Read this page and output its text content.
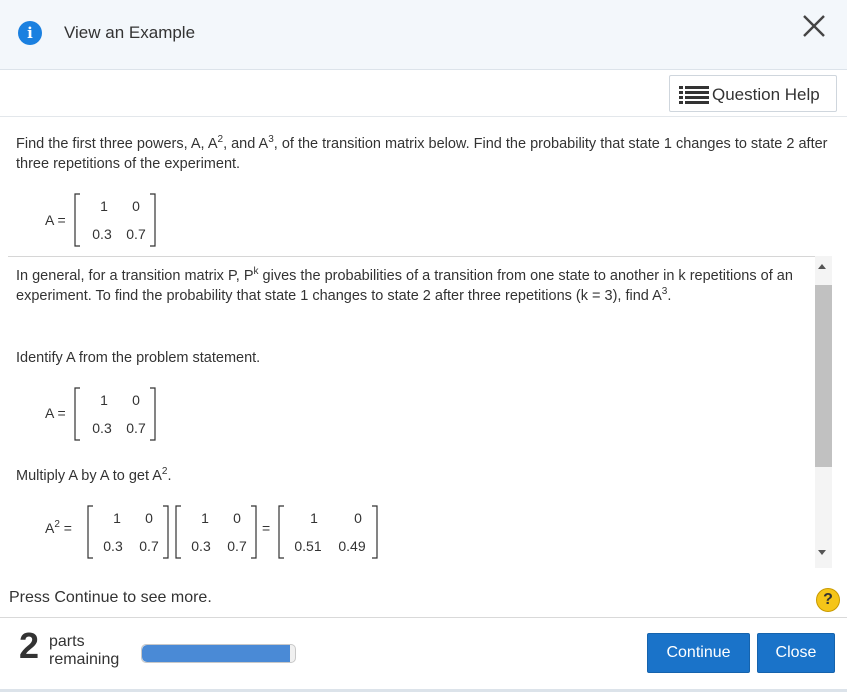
i	View an Example
Question Help
Find the first three powers, A, $A^2$, and $A^3$, of the transition matrix below. Find the probability that state 1 changes to state 2 after three repetitions of the experiment.
A =
1	0
0.3	0.7
In general, for a transition matrix P, $P^k$ gives the probabilities of a transition from one state to another in k repetitions of an experiment. To find the probability that state 1 changes to state 2 after three repetitions (k = 3), find $A^3$.
Identify A from the problem statement.
A =
1	0
0.3	0.7
Multiply A by A to get $A^2$.
$A^2$ =
1	0
0.3	0.7
1	0
0.3	0.7
=
1	0
0.51	0.49
Press Continue to see more.	?
2 parts
remaining	Continue	Close
